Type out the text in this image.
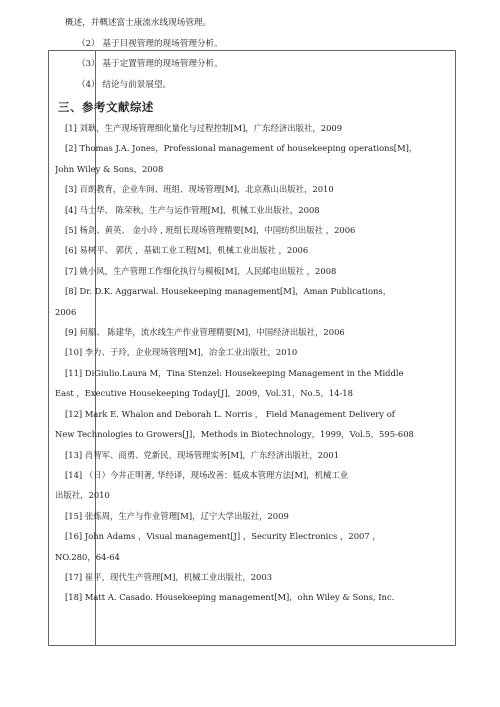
概述，并概述富士康流水线现场管理。
（2） 基于目视管理的现场管理分析。
（3） 基于定置管理的现场管理分析。
（4） 结论与前景展望。
三、参考文献综述
[1] 刘耿，生产现场管理细化量化与过程控制[M]，广东经济出版社，2009
[2] Thomas J.A. Jones，Professional management of housekeeping operations[M]，
John Wiley & Sons，2008
[3] 百朗教育，企业车间、班组、现场管理[M]，北京燕山出版社，2010
[4] 马士华、 陈荣秋，生产与运作管理[M]，机械工业出版社，2008
[5] 杨剑、黄英、 金小玲 , 班组长现场管理精要[M]，中国纺织出版社 ，2006
[6] 易树平、 郭伏 ，基础工业工程[M]，机械工业出版社 ，2006
[7] 姚小风，生产管理工作细化执行与模板[M]，人民邮电出版社 ，2008
[8] Dr. D.K. Aggarwal. Housekeeping management[M]，Aman Publications，
2006
[9] 何船、 陈建华，流水线生产作业管理精要[M]，中国经济出版社，2006
[10] 李力、于玲，企业现场管理[M]，冶金工业出版社，2010
[11] DiGiulio.Laura M，Tina Stenzel: Housekeeping Management in the Middle
East ，Executive Housekeeping Today[J]，2009，Vol.31，No.5，14-18
[12] Mark E. Whalon and Deborah L. Norris ， Field Management Delivery of
New Technologies to Growers[J]，Methods in Biotechnology，1999，Vol.5，595-608
[13] 肖智军、商勇、党新民，现场管理实务[M]，广东经济出版社，2001
[14] （日）今井正明著, 华经译，现场改善：低成本管理方法[M]，机械工业
出版社，2010
[15] 张炼周，生产与作业管理[M]，辽宁大学出版社，2009
[16] John Adams ，Visual management[J] ，Security Electronics ，2007 ，
NO.280，64-64
[17] 崔平，现代生产管理[M]，机械工业出版社，2003
[18] Matt A. Casado. Housekeeping management[M]，ohn Wiley & Sons, Inc.
